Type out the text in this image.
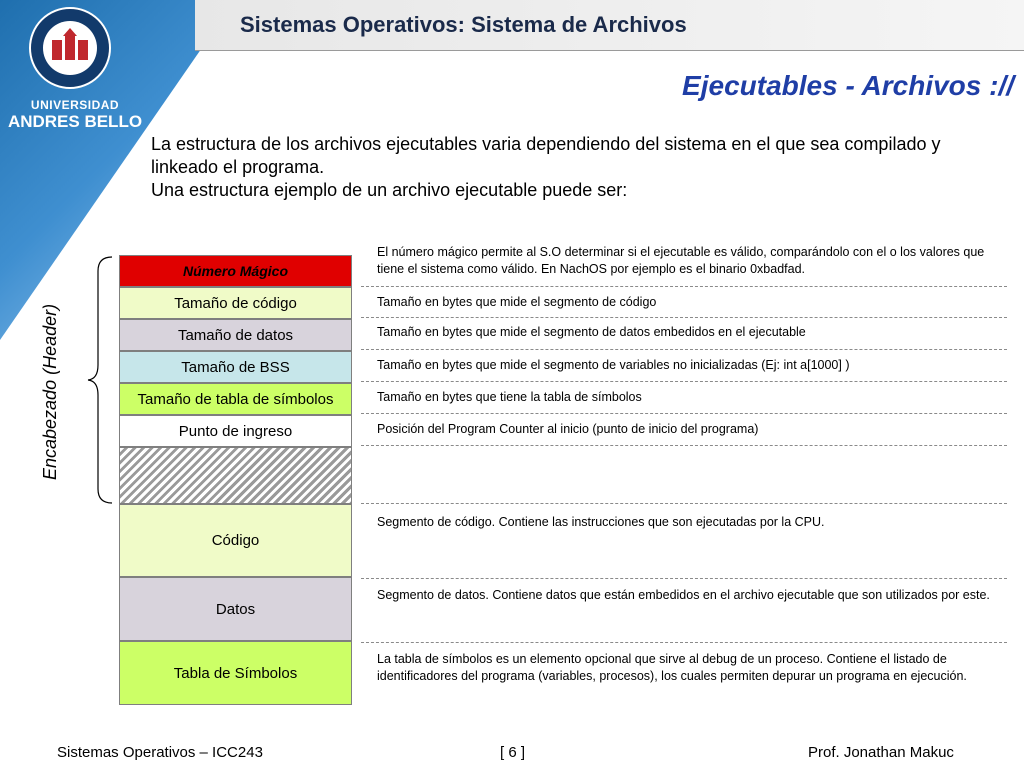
Sistemas Operativos: Sistema de Archivos
UNIVERSIDAD
ANDRES BELLO
Ejecutables - Archivos ://

La estructura de los archivos ejecutables varia dependiendo del sistema en el que sea compilado y linkeado el programa.

Una estructura ejemplo de un archivo ejecutable puede ser:

Encabezado (Header)
Número Mágico
Tamaño de código
Tamaño de datos
Tamaño de BSS
Tamaño de tabla de símbolos
Punto de ingreso
Código
Datos
Tabla de Símbolos
El número mágico permite al S.O determinar si el ejecutable es válido, comparándolo con el o los valores que tiene el sistema como válido. En NachOS por ejemplo es el binario 0xbadfad.
Tamaño en bytes que mide el segmento de código
Tamaño en bytes que mide el segmento de datos embedidos en el ejecutable
Tamaño en bytes que mide el segmento de variables no inicializadas (Ej: int a[1000] )
Tamaño en bytes que tiene la tabla de símbolos
Posición del Program Counter al inicio (punto de inicio del programa)
Segmento de código. Contiene las instrucciones que son ejecutadas por la CPU.
Segmento de datos. Contiene datos que están embedidos en el archivo ejecutable que son utilizados por este.
La tabla de símbolos es un elemento opcional que sirve al debug de un proceso. Contiene el listado de identificadores del programa (variables, procesos), los cuales permiten depurar un programa en ejecución.
Sistemas Operativos – ICC243	[ 6 ]	Prof. Jonathan Makuc
